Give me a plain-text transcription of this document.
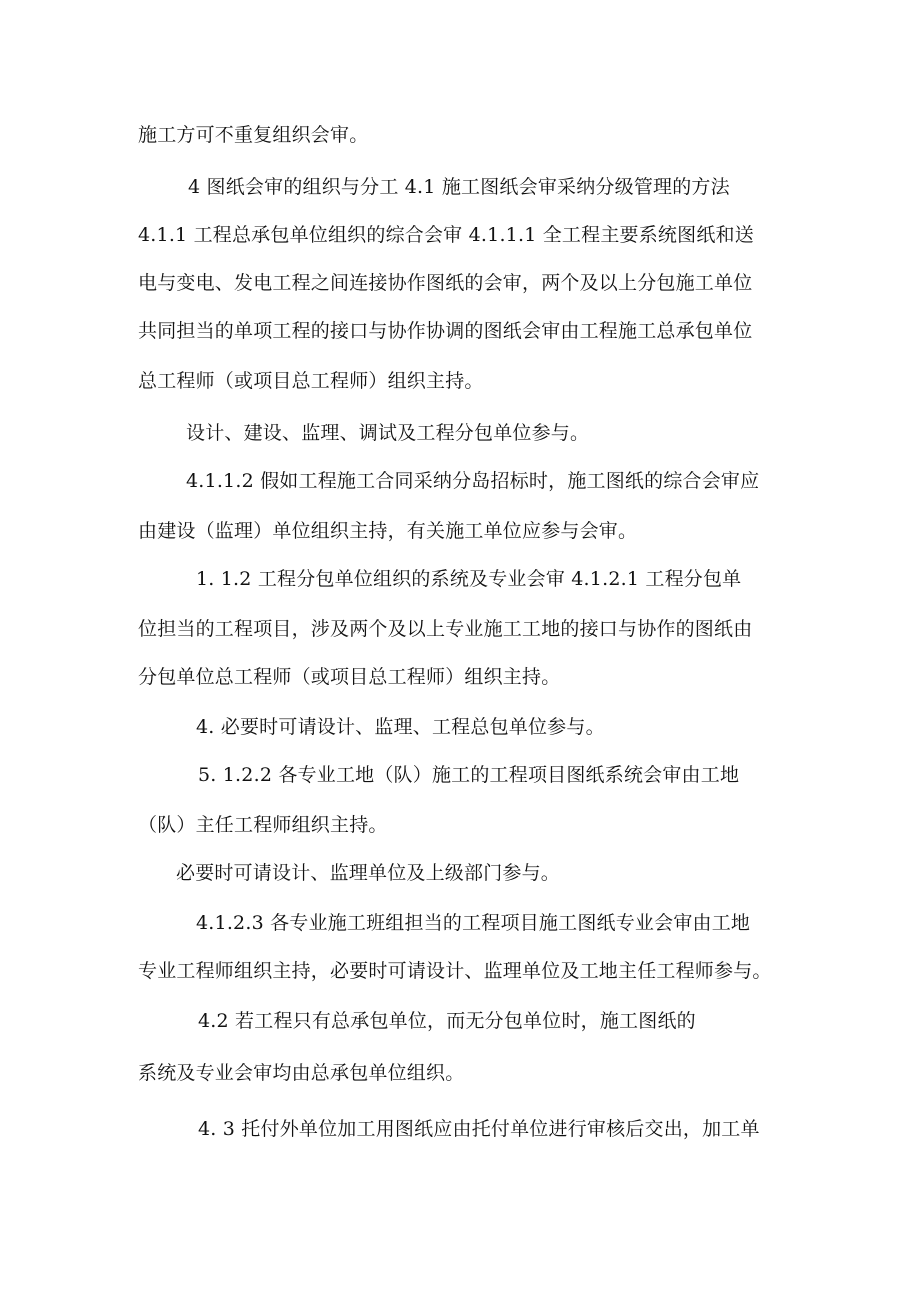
施工方可不重复组织会审。
4 图纸会审的组织与分工 4.1 施工图纸会审采纳分级管理的方法
4.1.1 工程总承包单位组织的综合会审 4.1.1.1 全工程主要系统图纸和送
电与变电、发电工程之间连接协作图纸的会审，两个及以上分包施工单位
共同担当的单项工程的接口与协作协调的图纸会审由工程施工总承包单位
总工程师（或项目总工程师）组织主持。
设计、建设、监理、调试及工程分包单位参与。
4.1.1.2 假如工程施工合同采纳分岛招标时，施工图纸的综合会审应
由建设（监理）单位组织主持，有关施工单位应参与会审。
1. 1.2 工程分包单位组织的系统及专业会审 4.1.2.1 工程分包单
位担当的工程项目，涉及两个及以上专业施工工地的接口与协作的图纸由
分包单位总工程师（或项目总工程师）组织主持。
4. 必要时可请设计、监理、工程总包单位参与。
5. 1.2.2 各专业工地（队）施工的工程项目图纸系统会审由工地
（队）主任工程师组织主持。
必要时可请设计、监理单位及上级部门参与。
4.1.2.3 各专业施工班组担当的工程项目施工图纸专业会审由工地
专业工程师组织主持，必要时可请设计、监理单位及工地主任工程师参与。
4.2 若工程只有总承包单位，而无分包单位时，施工图纸的
系统及专业会审均由总承包单位组织。
4. 3 托付外单位加工用图纸应由托付单位进行审核后交出，加工单
